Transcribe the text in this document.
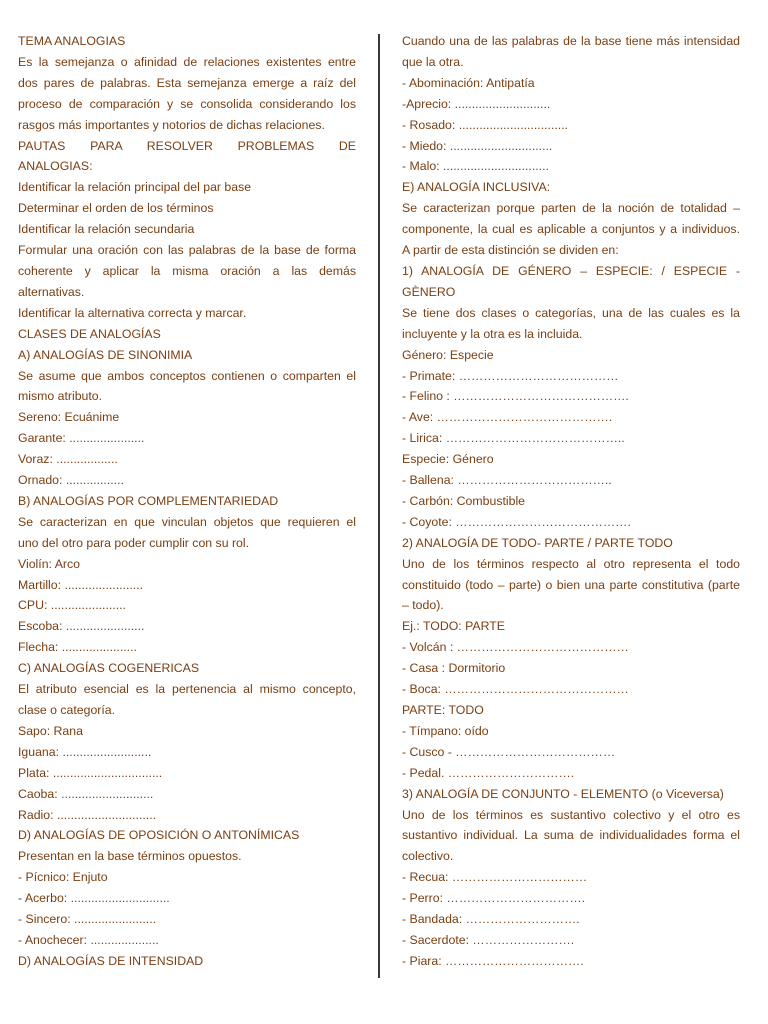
TEMA ANALOGIAS
Es la semejanza o afinidad de relaciones existentes entre
dos pares de palabras. Esta semejanza emerge a raíz del
proceso de comparación y se consolida considerando los
rasgos más importantes y notorios de dichas relaciones.
PAUTAS PARA RESOLVER PROBLEMAS DE
ANALOGIAS:
Identificar la relación principal del par base
Determinar el orden de los términos
Identificar la relación secundaria
Formular una oración con las palabras de la base de forma
coherente y aplicar la misma oración a las demás
alternativas.
Identificar la alternativa correcta y marcar.
CLASES DE ANALOGÍAS
A) ANALOGÍAS DE SINONIMIA
Se asume que ambos conceptos contienen o comparten el
mismo atributo.
Sereno: Ecuánime
Garante: ......................
Voraz: ..................
Ornado: .................
B) ANALOGÍAS POR COMPLEMENTARIEDAD
Se caracterizan en que vinculan objetos que requieren el
uno del otro para poder cumplir con su rol.
Violín: Arco
Martillo: .......................
CPU: ......................
Escoba: .......................
Flecha: ......................
C) ANALOGÍAS COGENERICAS
El atributo esencial es la pertenencia al mismo concepto,
clase o categoría.
Sapo: Rana
Iguana: ..........................
Plata: ................................
Caoba: ...........................
Radio: .............................
D) ANALOGÍAS DE OPOSICIÓN O ANTONÍMICAS
Presentan en la base términos opuestos.
- Pícnico: Enjuto
- Acerbo: .............................
- Sincero: ........................
- Anochecer: ....................
D) ANALOGÍAS DE INTENSIDAD
Cuando una de las palabras de la base tiene más intensidad
que la otra.
- Abominación: Antipatía
-Aprecio: ............................
- Rosado: ................................
- Miedo: ..............................
- Malo: ...............................
E) ANALOGÍA INCLUSIVA:
Se caracterizan porque parten de la noción de totalidad –
componente, la cual es aplicable a conjuntos y a individuos.
A partir de esta distinción se dividen en:
1) ANALOGÍA DE GÉNERO – ESPECIE: / ESPECIE -
GÈNERO
Se tiene dos clases o categorías, una de las cuales es la
incluyente y la otra es la incluida.
Género: Especie
- Primate: …………………………………
- Felino : …………………………………….
- Ave: …………………………………….
- Lirica: ……………………………………..
Especie: Género
- Ballena: ………………………………..
- Carbón: Combustible
- Coyote: …………………………………….
2) ANALOGÍA DE TODO- PARTE / PARTE TODO
Uno de los términos respecto al otro representa el todo
constituido (todo – parte) o bien una parte constitutiva (parte
– todo).
Ej.: TODO: PARTE
- Volcán : ……………………………………
- Casa : Dormitorio
- Boca: ………………………………………
PARTE: TODO
- Tímpano: oído
- Cusco - …………………………………
- Pedal. ………………………….
3) ANALOGÍA DE CONJUNTO - ELEMENTO (o Viceversa)
Uno de los términos es sustantivo colectivo y el otro es
sustantivo individual. La suma de individualidades forma el
colectivo.
- Recua: ……………………………
- Perro: …………………………….
- Bandada: ……………………….
- Sacerdote: …………………….
- Piara: …………………………….
